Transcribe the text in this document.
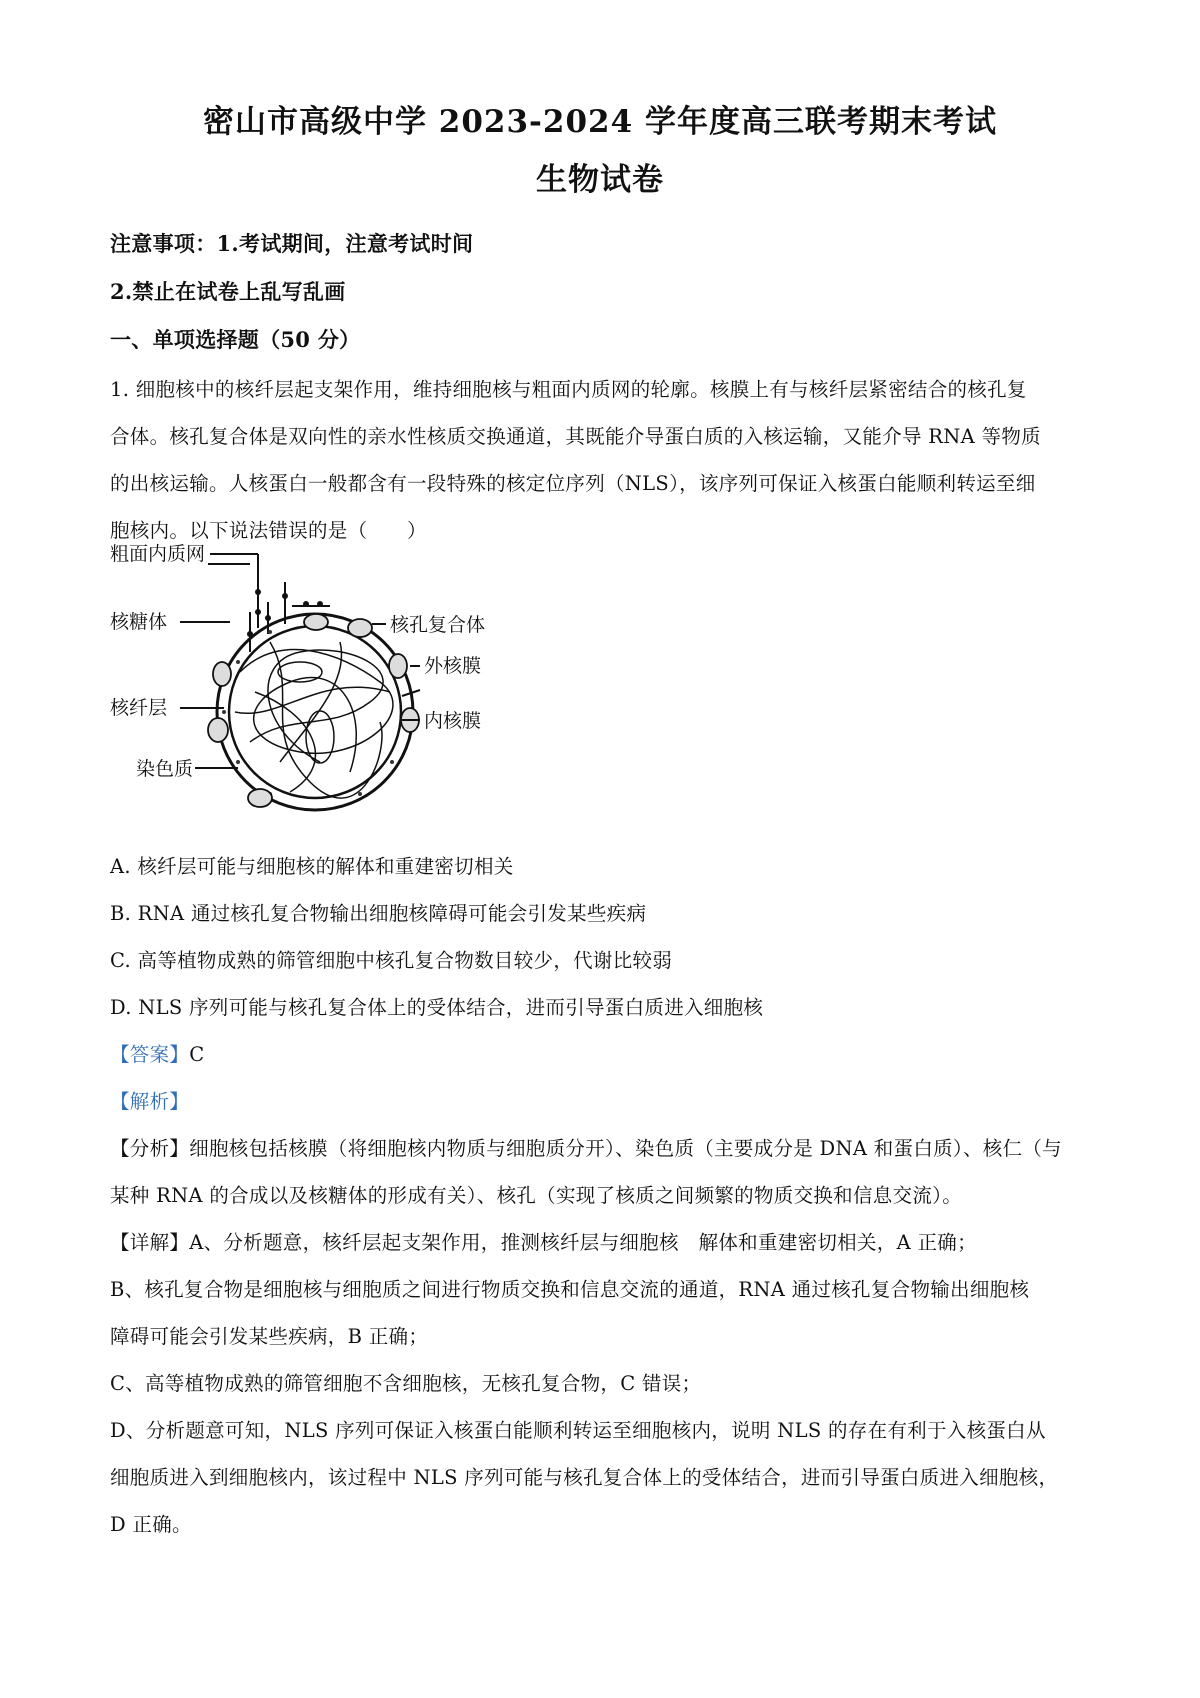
密山市高级中学 2023-2024 学年度高三联考期末考试
生物试卷
注意事项：1.考试期间，注意考试时间
2.禁止在试卷上乱写乱画
一、单项选择题（50 分）
1. 细胞核中的核纤层起支架作用，维持细胞核与粗面内质网的轮廓。核膜上有与核纤层紧密结合的核孔复
合体。核孔复合体是双向性的亲水性核质交换通道，其既能介导蛋白质的入核运输，又能介导 RNA 等物质
的出核运输。人核蛋白一般都含有一段特殊的核定位序列（NLS），该序列可保证入核蛋白能顺利转运至细
胞核内。以下说法错误的是（　　）
粗面内质网
核糖体
核纤层
染色质
核孔复合体
外核膜
内核膜
A. 核纤层可能与细胞核的解体和重建密切相关
B. RNA 通过核孔复合物输出细胞核障碍可能会引发某些疾病
C. 高等植物成熟的筛管细胞中核孔复合物数目较少，代谢比较弱
D. NLS 序列可能与核孔复合体上的受体结合，进而引导蛋白质进入细胞核
【答案】C
【解析】
【分析】细胞核包括核膜（将细胞核内物质与细胞质分开）、染色质（主要成分是 DNA 和蛋白质）、核仁（与
某种 RNA 的合成以及核糖体的形成有关）、核孔（实现了核质之间频繁的物质交换和信息交流）。
【详解】A、分析题意，核纤层起支架作用，推测核纤层与细胞核　解体和重建密切相关，A 正确；
B、核孔复合物是细胞核与细胞质之间进行物质交换和信息交流的通道，RNA 通过核孔复合物输出细胞核
障碍可能会引发某些疾病，B 正确；
C、高等植物成熟的筛管细胞不含细胞核，无核孔复合物，C 错误；
D、分析题意可知，NLS 序列可保证入核蛋白能顺利转运至细胞核内，说明 NLS 的存在有利于入核蛋白从
细胞质进入到细胞核内，该过程中 NLS 序列可能与核孔复合体上的受体结合，进而引导蛋白质进入细胞核，
D 正确。
